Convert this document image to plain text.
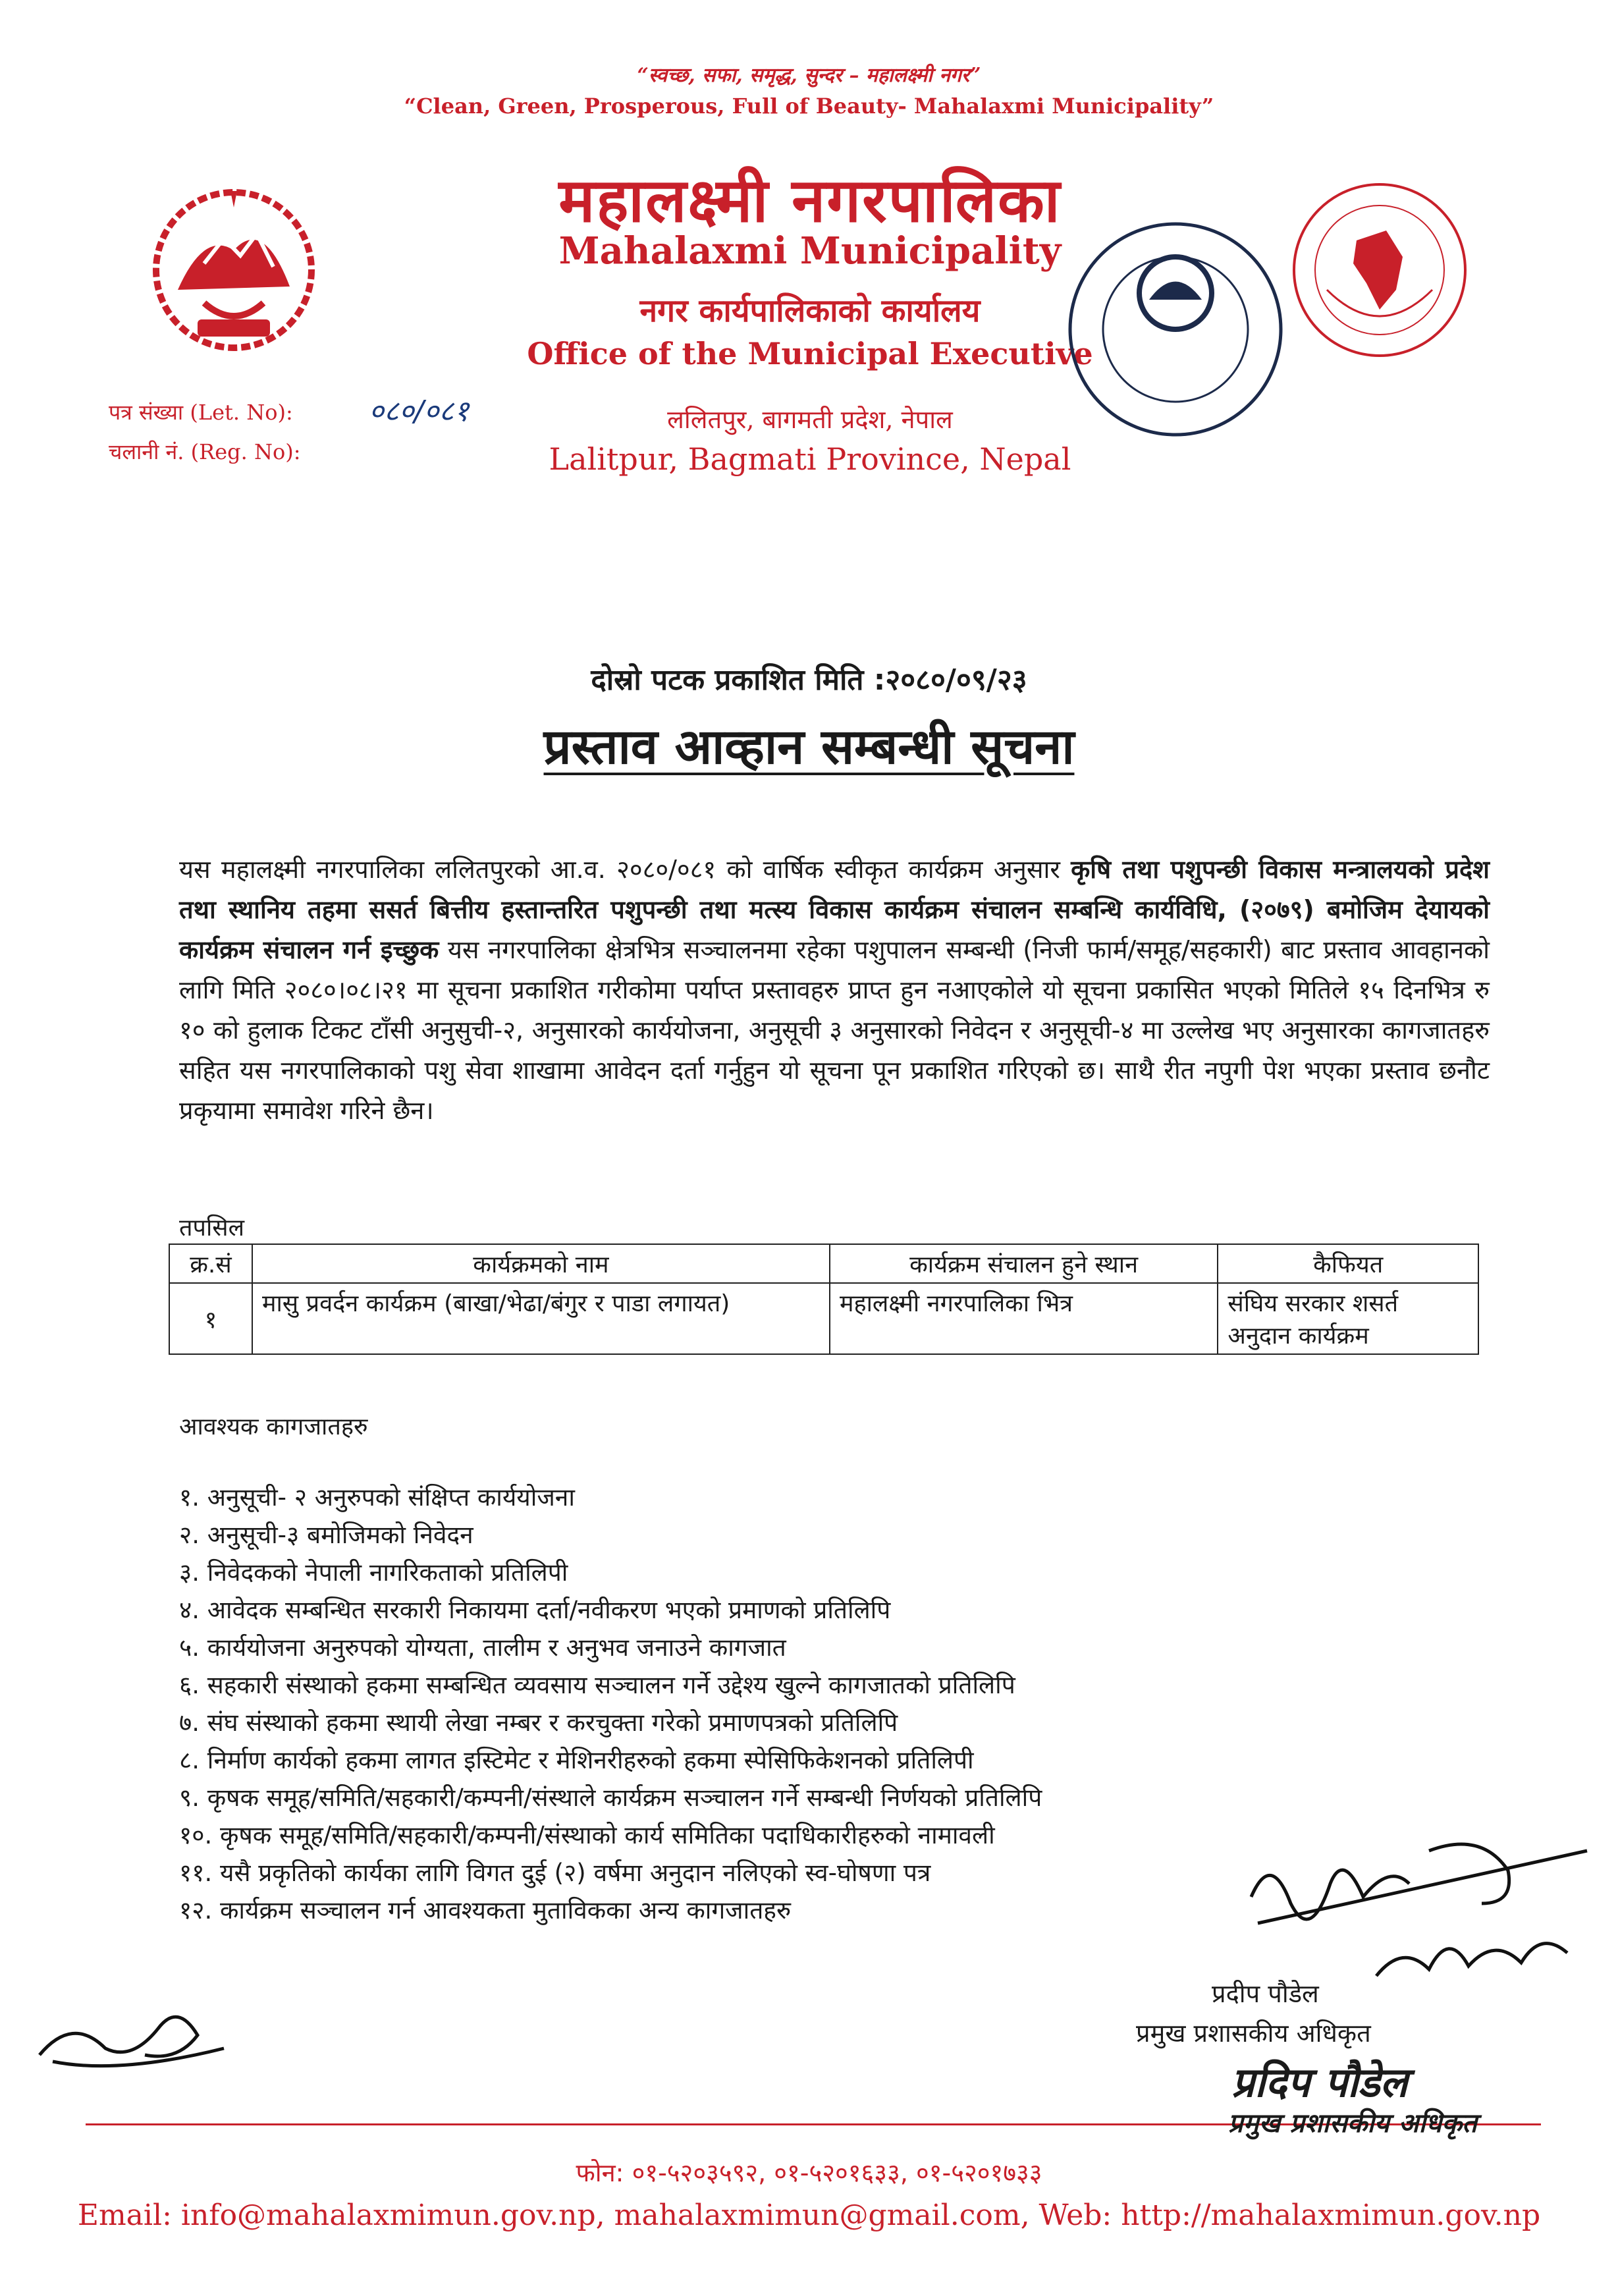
“स्वच्छ, सफा, समृद्ध, सुन्दर – महालक्ष्मी नगर”
“Clean, Green, Prosperous, Full of Beauty- Mahalaxmi Municipality”
महालक्ष्मी नगरपालिका
Mahalaxmi Municipality
नगर कार्यपालिकाको कार्यालय
Office of the Municipal Executive
ललितपुर, बागमती प्रदेश, नेपाल
Lalitpur, Bagmati Province, Nepal
पत्र संख्या (Let. No):	०८०/०८१
चलानी नं. (Reg. No):
दोस्रो पटक प्रकाशित मिति :२०८०/०९/२३
प्रस्ताव आव्हान सम्बन्धी सूचना
यस महालक्ष्मी नगरपालिका ललितपुरको आ.व. २०८०/०८१ को वार्षिक स्वीकृत कार्यक्रम अनुसार कृषि तथा पशुपन्छी विकास मन्त्रालयको प्रदेश तथा स्थानिय तहमा ससर्त बित्तीय हस्तान्तरित पशुपन्छी तथा मत्स्य विकास कार्यक्रम संचालन सम्बन्धि कार्यविधि, (२०७९) बमोजिम देयायको कार्यक्रम संचालन गर्न इच्छुक यस नगरपालिका क्षेत्रभित्र सञ्चालनमा रहेका पशुपालन सम्बन्धी (निजी फार्म/समूह/सहकारी) बाट प्रस्ताव आवहानको लागि मिति २०८०।०८।२१ मा सूचना प्रकाशित गरीकोमा पर्याप्त प्रस्तावहरु प्राप्त हुन नआएकोले यो सूचना प्रकासित भएको मितिले १५ दिनभित्र रु १० को हुलाक टिकट टाँसी अनुसुची-२, अनुसारको कार्ययोजना, अनुसूची ३ अनुसारको निवेदन र अनुसूची-४ मा उल्लेख भए अनुसारका कागजातहरु सहित यस नगरपालिकाको पशु सेवा शाखामा आवेदन दर्ता गर्नुहुन यो सूचना पून प्रकाशित गरिएको छ। साथै रीत नपुगी पेश भएका प्रस्ताव छनौट प्रकृयामा समावेश गरिने छैन।
तपसिल
क्र.सं	कार्यक्रमको नाम	कार्यक्रम संचालन हुने स्थान	कैफियत
१	मासु प्रवर्दन कार्यक्रम (बाखा/भेढा/बंगुर र पाडा लगायत)	महालक्ष्मी नगरपालिका भित्र	संघिय सरकार शसर्त अनुदान कार्यक्रम
आवश्यक कागजातहरु
१. अनुसूची- २ अनुरुपको संक्षिप्त कार्ययोजना
२. अनुसूची-३ बमोजिमको निवेदन
३. निवेदकको नेपाली नागरिकताको प्रतिलिपी
४. आवेदक सम्बन्धित सरकारी निकायमा दर्ता/नवीकरण भएको प्रमाणको प्रतिलिपि
५. कार्ययोजना अनुरुपको योग्यता, तालीम र अनुभव जनाउने कागजात
६. सहकारी संस्थाको हकमा सम्बन्धित व्यवसाय सञ्चालन गर्ने उद्देश्य खुल्ने कागजातको प्रतिलिपि
७. संघ संस्थाको हकमा स्थायी लेखा नम्बर र करचुक्ता गरेको प्रमाणपत्रको प्रतिलिपि
८. निर्माण कार्यको हकमा लागत इस्टिमेट र मेशिनरीहरुको हकमा स्पेसिफिकेशनको प्रतिलिपी
९. कृषक समूह/समिति/सहकारी/कम्पनी/संस्थाले कार्यक्रम सञ्चालन गर्ने सम्बन्धी निर्णयको प्रतिलिपि
१०. कृषक समूह/समिति/सहकारी/कम्पनी/संस्थाको कार्य समितिका पदाधिकारीहरुको नामावली
११. यसै प्रकृतिको कार्यका लागि विगत दुई (२) वर्षमा अनुदान नलिएको स्व-घोषणा पत्र
१२. कार्यक्रम सञ्चालन गर्न आवश्यकता मुताविकका अन्य कागजातहरु
प्रदीप पौडेल
प्रमुख प्रशासकीय अधिकृत
प्रदिप पौडेल
प्रमुख प्रशासकीय अधिकृत
फोन: ०१-५२०३५९२, ०१-५२०१६३३, ०१-५२०१७३३
Email: info@mahalaxmimun.gov.np, mahalaxmimun@gmail.com, Web: http://mahalaxmimun.gov.np
